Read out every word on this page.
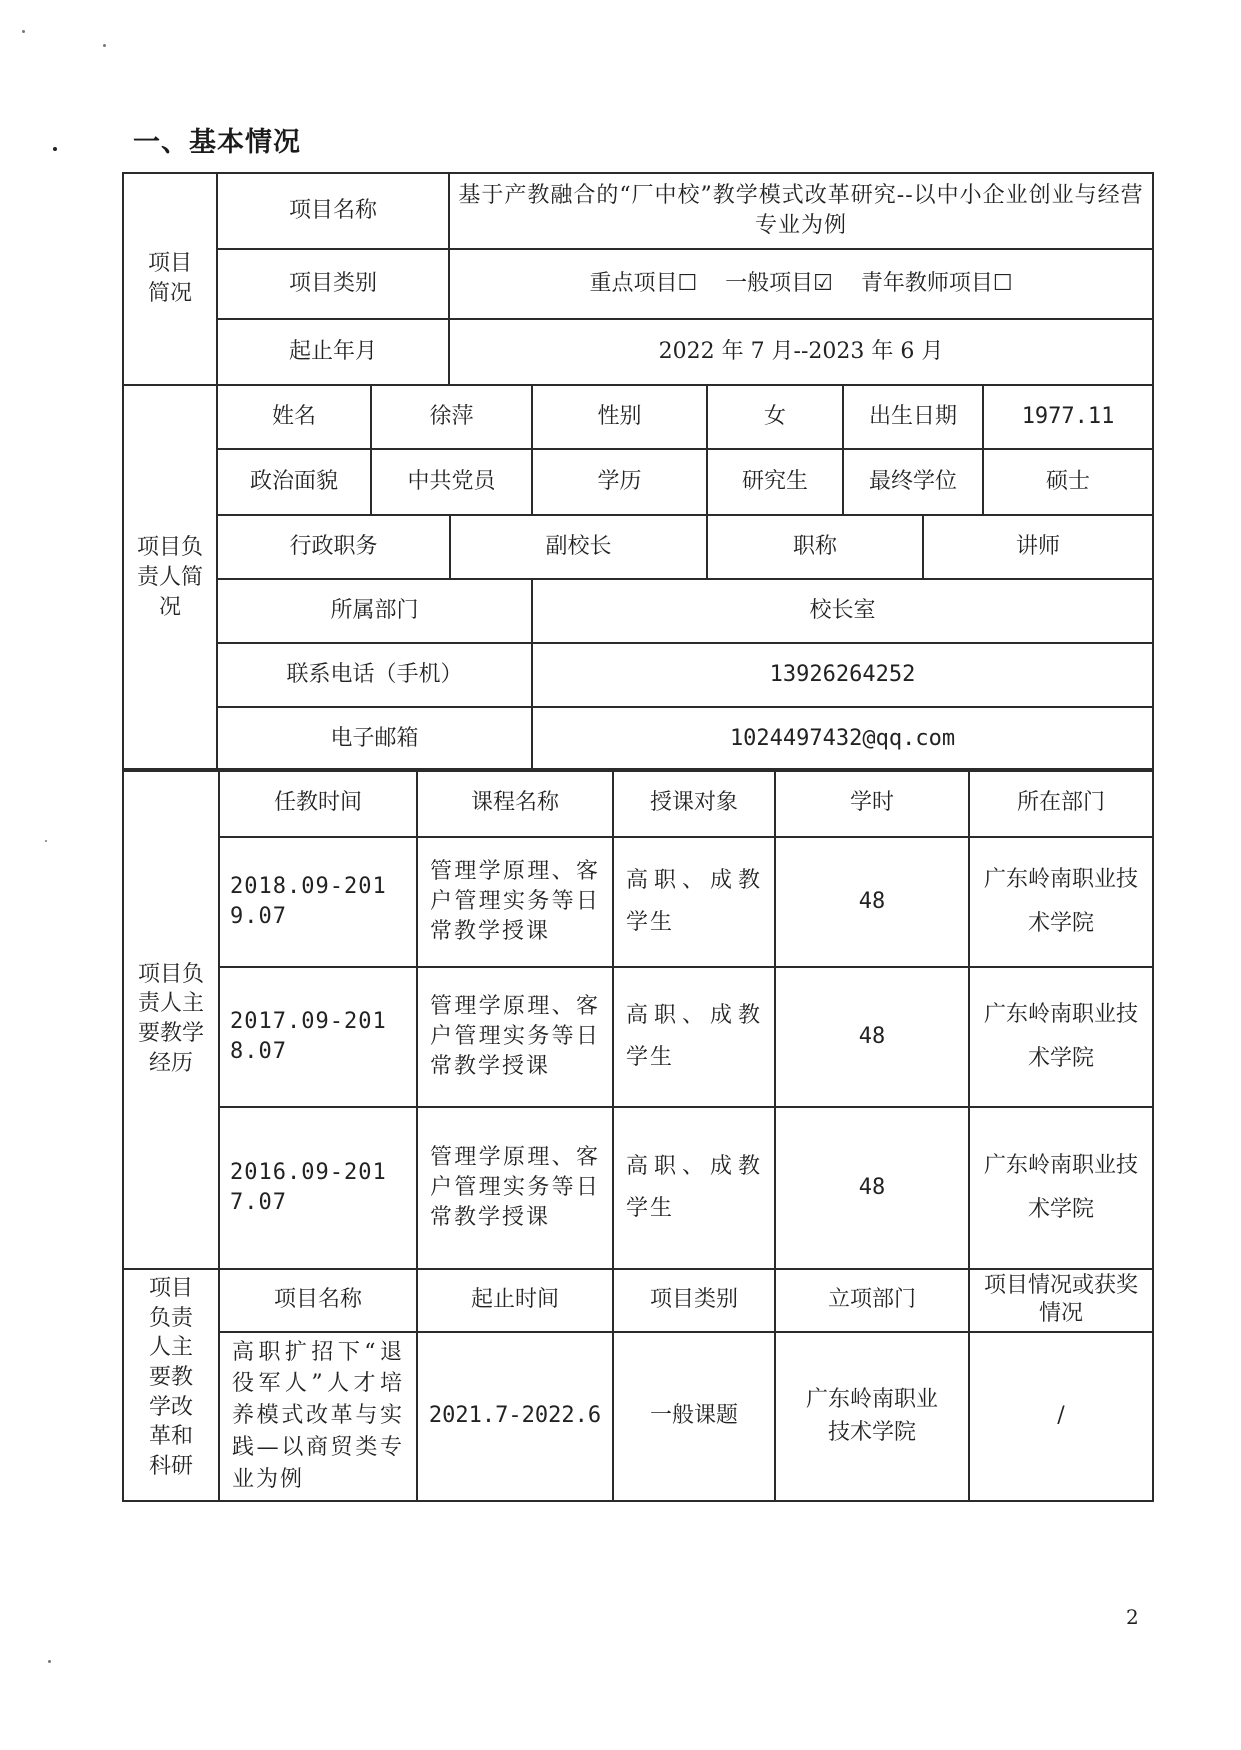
一、基本情况
项目简况	项目名称	基于产教融合的“厂中校”教学模式改革研究--以中小企业创业与经营专业为例
	项目类别	重点项目☐    一般项目☑    青年教师项目☐
	起止年月	2022 年 7 月--2023 年 6 月
项目负责人简况	姓名	徐萍		性别	女	出生日期		1977.11
	政治面貌	中共党员		学历	研究生	最终学位		硕士
	行政职务		副校长		职称		讲师	
	所属部门			校长室				
	联系电话（手机）			13926264252				
	电子邮箱			1024497432@qq.com				
项目负责人主要教学经历	任教时间	课程名称	授课对象	学时	所在部门
	2018.09-2019.07	管理学原理、客户管理实务等日常教学授课	高职、成教学生	48	广东岭南职业技术学院
	2017.09-2018.07	管理学原理、客户管理实务等日常教学授课	高职、成教学生	48	广东岭南职业技术学院
	2016.09-2017.07	管理学原理、客户管理实务等日常教学授课	高职、成教学生	48	广东岭南职业技术学院
项目负责人主要教学改革和科研	项目名称	起止时间	项目类别	立项部门	项目情况或获奖情况
	高职扩招下“退役军人”人才培养模式改革与实践—以商贸类专业为例	2021.7-2022.6	一般课题	广东岭南职业技术学院	/
2
